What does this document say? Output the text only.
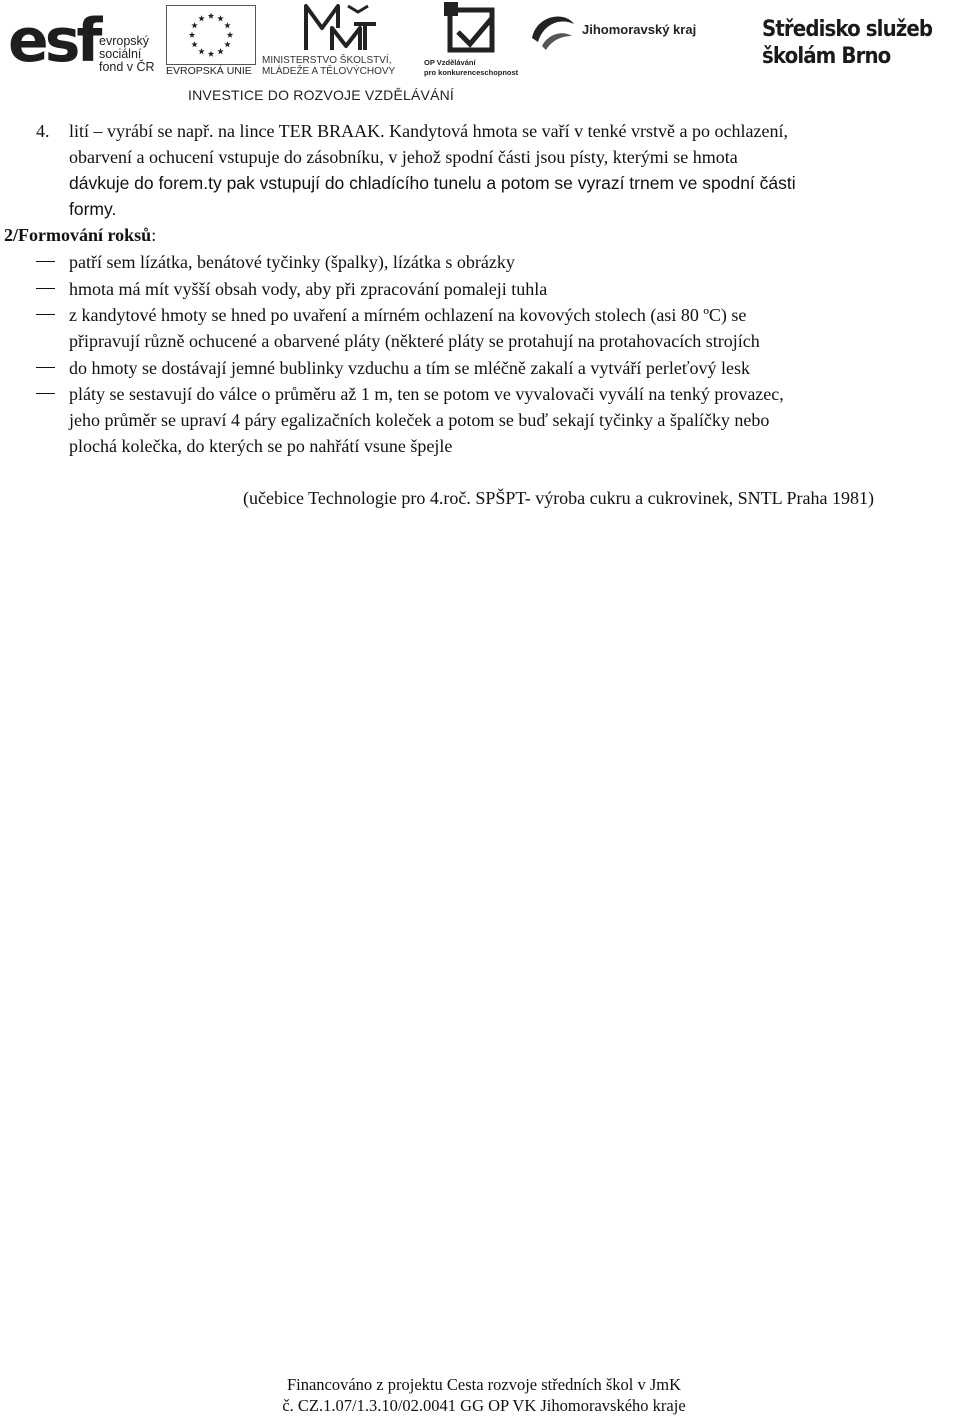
esf evropský
sociální
fond v ČR EVROPSKÁ UNIE
MINISTERSTVO ŠKOLSTVÍ,
MLÁDEŽE A TĚLOVÝCHOVY
OP Vzdělávání
pro konkurenceschopnost
Jihomoravský kraj	Středisko služeb
školám Brno
INVESTICE DO ROZVOJE VZDĚLÁVÁNÍ
4. lití – vyrábí se např. na lince TER BRAAK. Kandytová hmota se vaří v tenké vrstvě a po ochlazení,
obarvení a ochucení vstupuje do zásobníku, v jehož spodní části jsou písty, kterými se hmota
dávkuje do forem.ty pak vstupují do chladícího tunelu a potom se vyrazí trnem ve spodní části
formy.
2/Formování roksů:
patří sem lízátka, benátové tyčinky (špalky), lízátka s obrázky
hmota má mít vyšší obsah vody, aby při zpracování pomaleji tuhla
z kandytové hmoty se hned po uvaření a mírném ochlazení na kovových stolech (asi 80 ºC) se
připravují různě ochucené a obarvené pláty (některé pláty se protahují na protahovacích strojích
do hmoty se dostávají jemné bublinky vzduchu a tím se mléčně zakalí a vytváří perleťový lesk
pláty se sestavují do válce o průměru až 1 m, ten se potom ve vyvalovači vyválí na tenký provazec,
jeho průměr se upraví 4 páry egalizačních koleček a potom se buď sekají tyčinky a špalíčky nebo
plochá kolečka, do kterých se po nahřátí vsune špejle
(učebice Technologie pro 4.roč. SPŠPT- výroba cukru a cukrovinek, SNTL Praha 1981)
Financováno z projektu Cesta rozvoje středních škol v JmK
č. CZ.1.07/1.3.10/02.0041 GG OP VK Jihomoravského kraje
